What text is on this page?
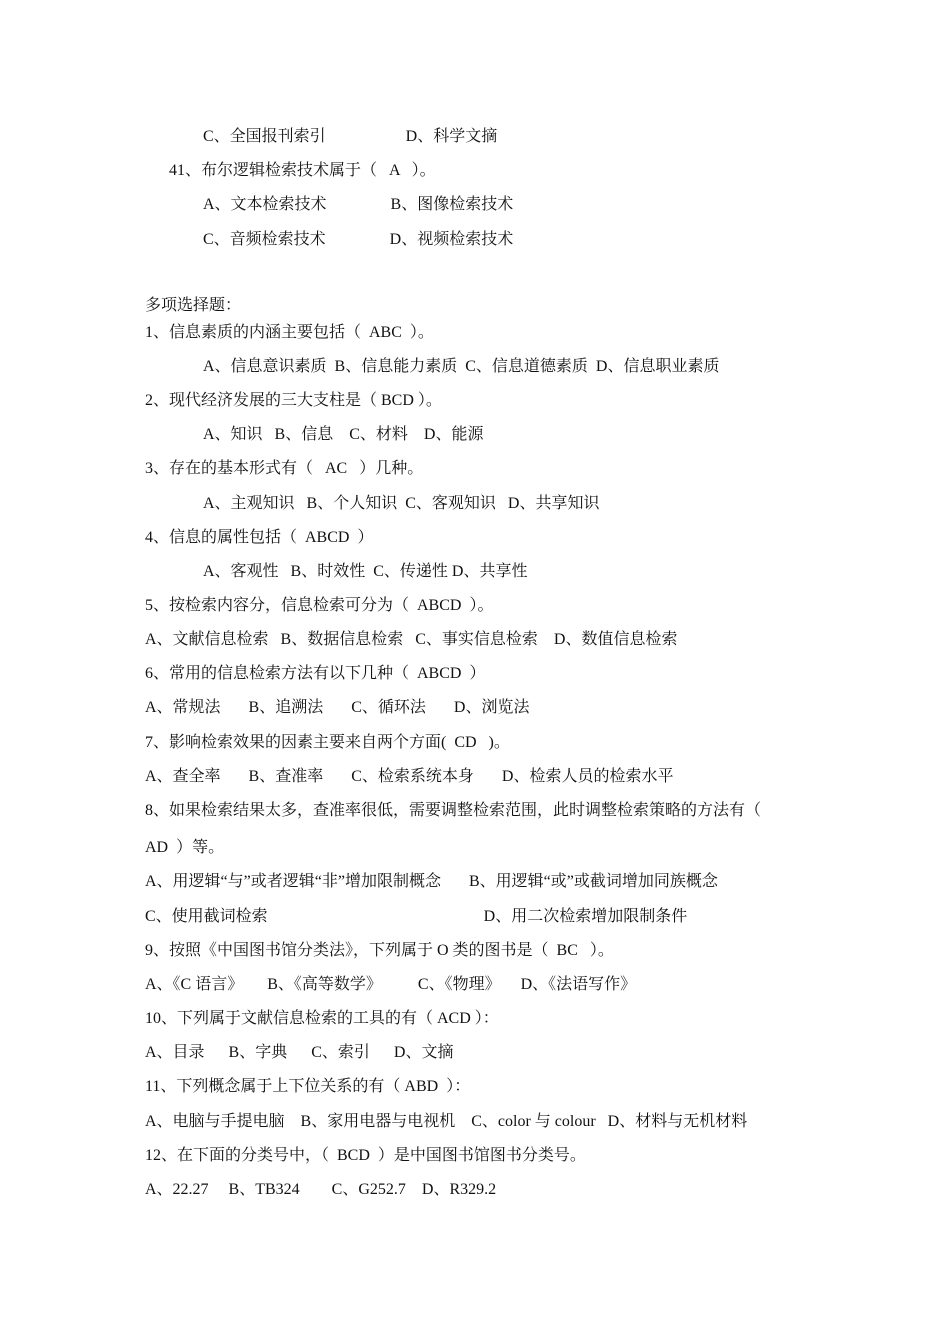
C、全国报刊索引                    D、科学文摘
41、布尔逻辑检索技术属于（   A   ）。
A、文本检索技术                B、图像检索技术
C、音频检索技术                D、视频检索技术
多项选择题：
1、信息素质的内涵主要包括（  ABC  ）。
A、信息意识素质  B、信息能力素质  C、信息道德素质  D、信息职业素质
2、现代经济发展的三大支柱是（ BCD ）。
A、知识   B、信息    C、材料    D、能源
3、存在的基本形式有（   AC   ）几种。
A、主观知识   B、个人知识  C、客观知识   D、共享知识
4、信息的属性包括（  ABCD  ）
A、客观性   B、时效性  C、传递性 D、共享性
5、按检索内容分，信息检索可分为（  ABCD  ）。
A、文献信息检索   B、数据信息检索   C、事实信息检索    D、数值信息检索
6、常用的信息检索方法有以下几种（  ABCD  ）
A、常规法       B、追溯法       C、循环法       D、浏览法
7、影响检索效果的因素主要来自两个方面(  CD   )。
A、查全率       B、查准率       C、检索系统本身       D、检索人员的检索水平
8、如果检索结果太多，查准率很低，需要调整检索范围，此时调整检索策略的方法有（
AD  ）等。
A、用逻辑“与”或者逻辑“非”增加限制概念       B、用逻辑“或”或截词增加同族概念
C、使用截词检索                                                      D、用二次检索增加限制条件
9、按照《中国图书馆分类法》，下列属于 O 类的图书是（  BC   ）。
A、《C 语言》      B、《高等数学》         C、《物理》     D、《法语写作》
10、下列属于文献信息检索的工具的有（ ACD ）：
A、目录      B、字典      C、索引      D、文摘
11、下列概念属于上下位关系的有（ ABD  ）：
A、电脑与手提电脑    B、家用电器与电视机    C、color 与 colour   D、材料与无机材料
12、在下面的分类号中，（  BCD  ）是中国图书馆图书分类号。
A、22.27     B、TB324        C、G252.7    D、R329.2
